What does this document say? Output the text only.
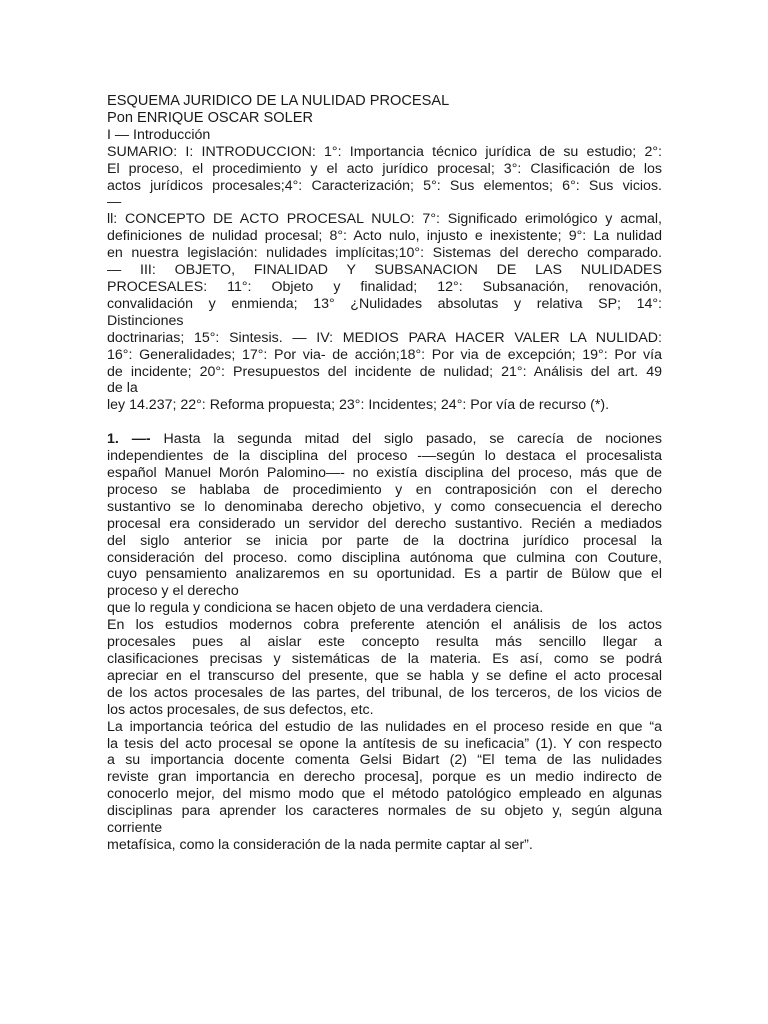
ESQUEMA JURIDICO DE LA NULIDAD PROCESAL
Pon ENRIQUE OSCAR SOLER
I — Introducción
SUMARIO: I: INTRODUCCION: 1°: Importancia técnico jurídica de su estudio; 2°:
El proceso, el procedimiento y el acto jurídico procesal; 3°: Clasificación de los
actos jurídicos procesales;4°: Caracterización; 5°: Sus elementos; 6°: Sus vicios.
—
ll: CONCEPTO DE ACTO PROCESAL NULO: 7°: Significado erimológico y acmal,
definiciones de nulidad procesal; 8°: Acto nulo, injusto e inexistente; 9°: La nulidad
en nuestra legislación: nulidades implícitas;10°: Sistemas del derecho comparado.
— III: OBJETO, FINALIDAD Y SUBSANACION DE LAS NULIDADES
PROCESALES: 11°: Objeto y finalidad; 12°: Subsanación, renovación,
convalidación y enmienda; 13° ¿Nulidades absolutas y relativa SP; 14°:
Distinciones
doctrinarias; 15°: Sintesis. — IV: MEDIOS PARA HACER VALER LA NULIDAD:
16°: Generalidades; 17°: Por via- de acción;18°: Por via de excepción; 19°: Por vía
de incidente; 20°: Presupuestos del incidente de nulidad; 21°: Análisis del art. 49
de la
ley 14.237; 22°: Reforma propuesta; 23°: Incidentes; 24°: Por vía de recurso (*).
1. —- Hasta la segunda mitad del siglo pasado, se carecía de nociones
independientes de la disciplina del proceso -—según lo destaca el procesalista
español Manuel Morón Palomino—- no existía disciplina del proceso, más que de
proceso se hablaba de procedimiento y en contraposición con el derecho
sustantivo se lo denominaba derecho objetivo, y como consecuencia el derecho
procesal era considerado un servidor del derecho sustantivo. Recién a mediados
del siglo anterior se inicia por parte de la doctrina jurídico procesal la
consideración del proceso. como disciplina autónoma que culmina con Couture,
cuyo pensamiento analizaremos en su oportunidad. Es a partir de Bülow que el
proceso y el derecho
que lo regula y condiciona se hacen objeto de una verdadera ciencia.
En los estudios modernos cobra preferente atención el análisis de los actos
procesales pues al aislar este concepto resulta más sencillo llegar a
clasificaciones precisas y sistemáticas de la materia. Es así, como se podrá
apreciar en el transcurso del presente, que se habla y se define el acto procesal
de los actos procesales de las partes, del tribunal, de los terceros, de los vicios de
los actos procesales, de sus defectos, etc.
La importancia teórica del estudio de las nulidades en el proceso reside en que “a
la tesis del acto procesal se opone la antítesis de su ineficacia” (1). Y con respecto
a su importancia docente comenta Gelsi Bidart (2) “El tema de las nulidades
reviste gran importancia en derecho procesa], porque es un medio indirecto de
conocerlo mejor, del mismo modo que el método patológico empleado en algunas
disciplinas para aprender los caracteres normales de su objeto y, según alguna
corriente
metafísica, como la consideración de la nada permite captar al ser”.
